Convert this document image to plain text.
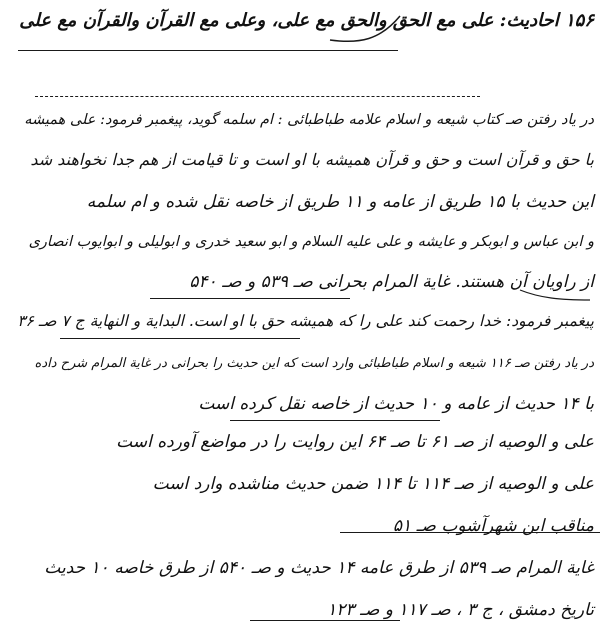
۱۵۶ احادیث: علی مع الحق والحق مع علی، وعلی مع القرآن والقرآن مع علی
در یاد رفتن صـ کتاب شیعه و اسلام علامه طباطبائی : ام سلمه گوید، پیغمبر فرمود: علی همیشه
با حق و قرآن است و حق و قرآن همیشه با او است و تا قیامت از هم جدا نخواهند شد
این حدیث با ۱۵ طریق از عامه و ۱۱ طریق از خاصه نقل شده و ام سلمه
و ابن عباس و ابوبکر و عایشه و علی علیه السلام و ابو سعید خدری و ابولیلی و ابوایوب انصاری
از راویان آن هستند. غایة المرام بحرانی صـ ۵۳۹ و صـ ۵۴۰
پیغمبر فرمود: خدا رحمت کند علی را که همیشه حق با او است. البدایة و النهایة ج ۷ صـ ۳۶
در یاد رفتن صـ ۱۱۶ شیعه و اسلام طباطبائی وارد است که این حدیث را بحرانی در غایة المرام شرح داده
با ۱۴ حدیث از عامه و ۱۰ حدیث از خاصه نقل کرده است
علی و الوصیه از صـ ۶۱ تا صـ ۶۴ این روایت را در مواضع آورده است
علی و الوصیه از صـ ۱۱۴ تا ۱۱۴ ضمن حدیث مناشده وارد است
مناقب ابن شهرآشوب صـ ۵۱
غایة المرام صـ ۵۳۹ از طرق عامه ۱۴ حدیث و صـ ۵۴۰ از طرق خاصه ۱۰ حدیث
تاریخ دمشق ، ج ۳ ، صـ ۱۱۷ و صـ ۱۲۳
